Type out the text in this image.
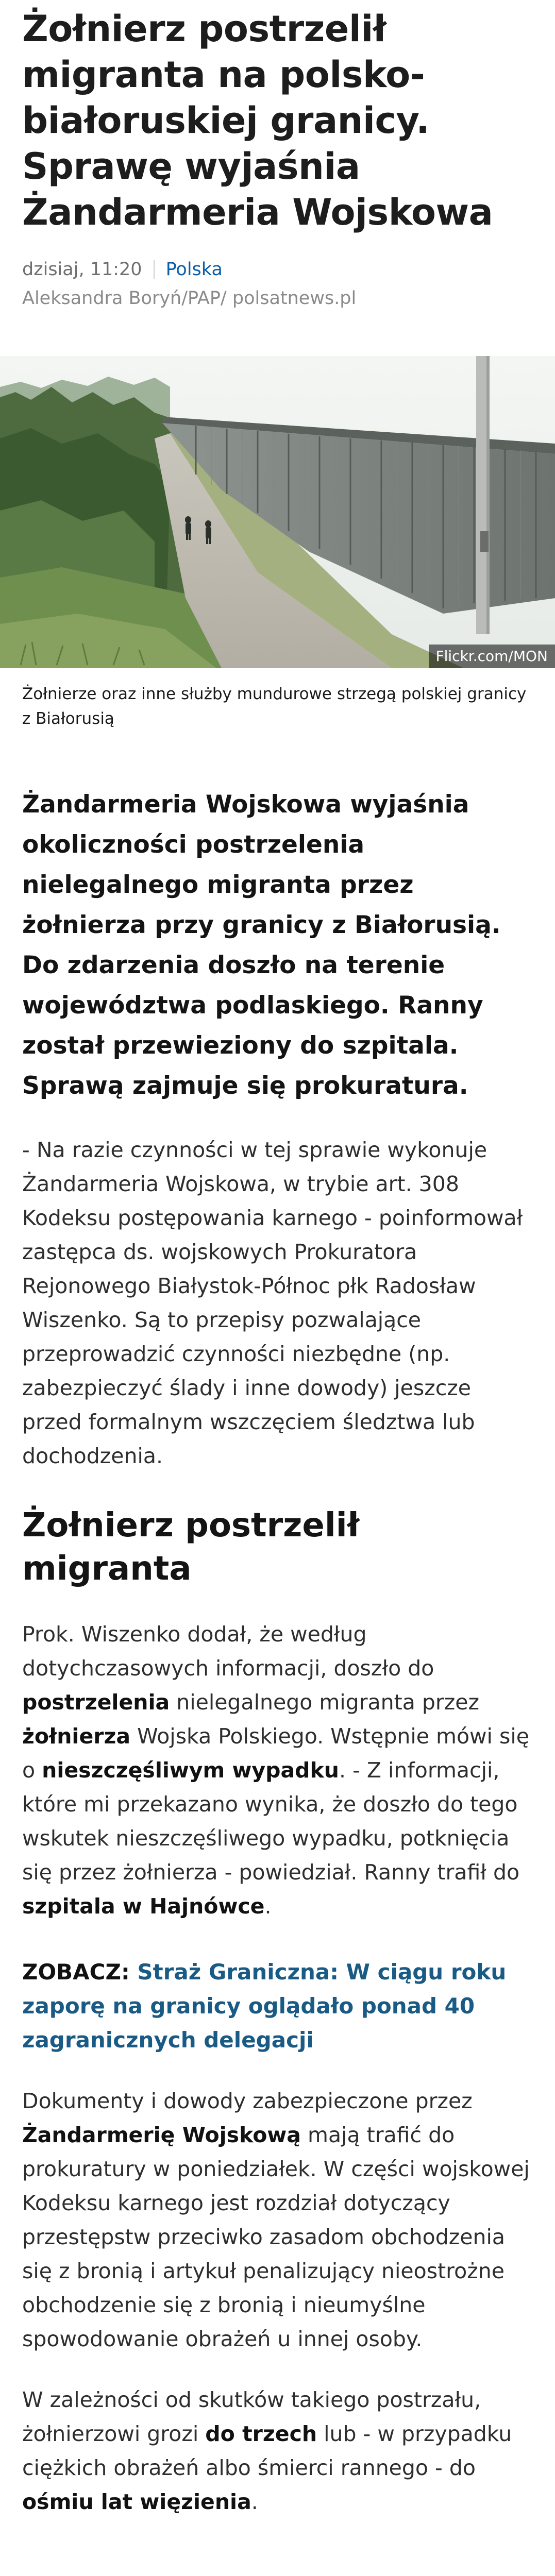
Żołnierz postrzelił migranta na polsko-białoruskiej granicy. Sprawę wyjaśnia Żandarmeria Wojskowa
dzisiaj, 11:20 Polska
Aleksandra Boryń/PAP/ polsatnews.pl
Flickr.com/MON
Żołnierze oraz inne służby mundurowe strzegą polskiej granicy z Białorusią
Żandarmeria Wojskowa wyjaśnia okoliczności postrzelenia nielegalnego migranta przez żołnierza przy granicy z Białorusią. Do zdarzenia doszło na terenie województwa podlaskiego. Ranny został przewieziony do szpitala. Sprawą zajmuje się prokuratura.

- Na razie czynności w tej sprawie wykonuje Żandarmeria Wojskowa, w trybie art. 308 Kodeksu postępowania karnego - poinformował zastępca ds. wojskowych Prokuratora Rejonowego Białystok-Północ płk Radosław Wiszenko. Są to przepisy pozwalające przeprowadzić czynności niezbędne (np. zabezpieczyć ślady i inne dowody) jeszcze przed formalnym wszczęciem śledztwa lub dochodzenia.

Żołnierz postrzelił migranta

Prok. Wiszenko dodał, że według dotychczasowych informacji, doszło do postrzelenia nielegalnego migranta przez żołnierza Wojska Polskiego. Wstępnie mówi się o nieszczęśliwym wypadku. - Z informacji, które mi przekazano wynika, że doszło do tego wskutek nieszczęśliwego wypadku, potknięcia się przez żołnierza - powiedział. Ranny trafił do szpitala w Hajnówce.

ZOBACZ: Straż Graniczna: W ciągu roku zaporę na granicy oglądało ponad 40 zagranicznych delegacji

Dokumenty i dowody zabezpieczone przez Żandarmerię Wojskową mają trafić do prokuratury w poniedziałek. W części wojskowej Kodeksu karnego jest rozdział dotyczący przestępstw przeciwko zasadom obchodzenia się z bronią i artykuł penalizujący nieostrożne obchodzenie się z bronią i nieumyślne spowodowanie obrażeń u innej osoby.

W zależności od skutków takiego postrzału, żołnierzowi grozi do trzech lub - w przypadku ciężkich obrażeń albo śmierci rannego - do ośmiu lat więzienia.
